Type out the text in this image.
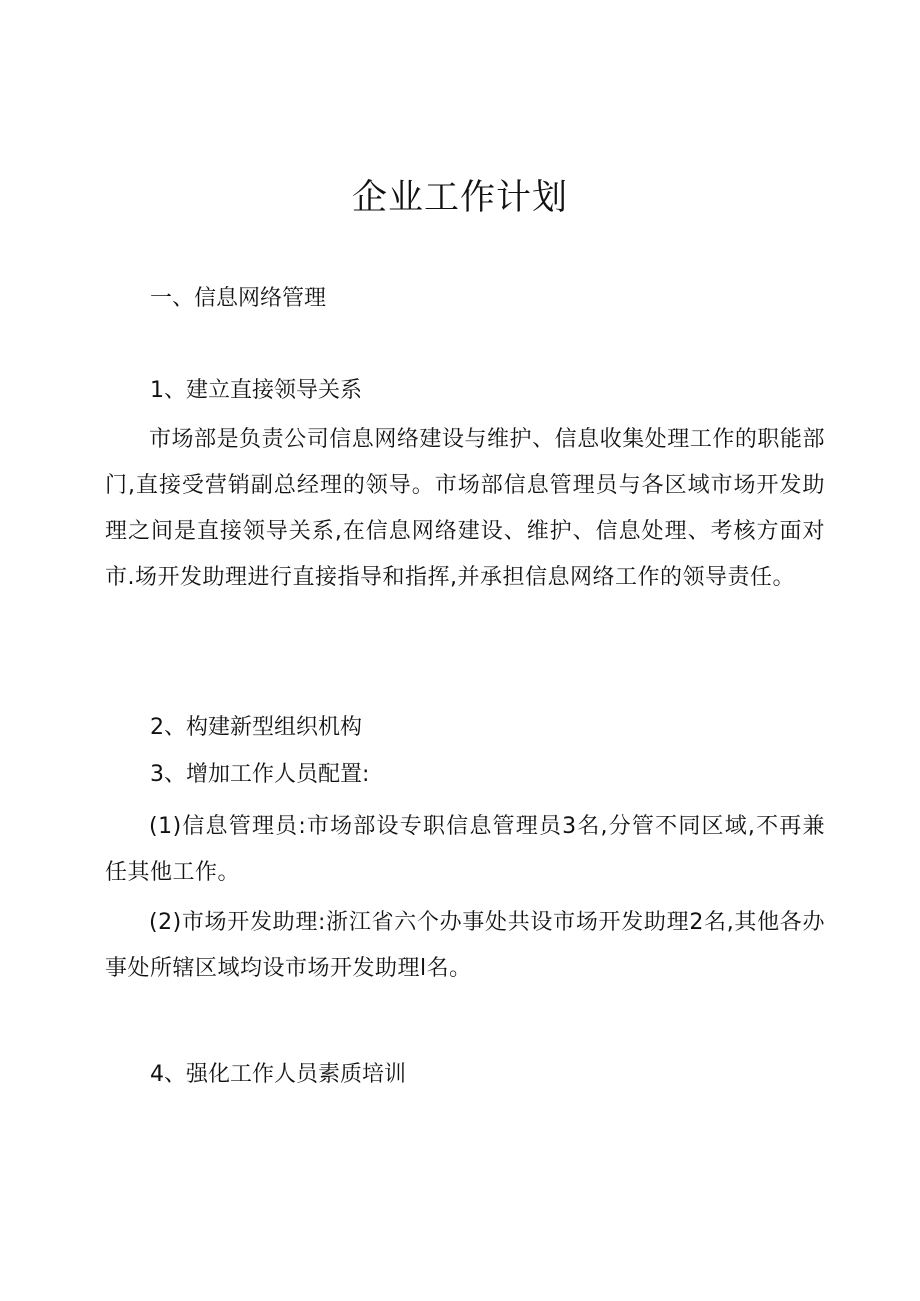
企业工作计划
一、信息网络管理
1、建立直接领导关系
市场部是负责公司信息网络建设与维护、信息收集处理工作的职能部门,直接受营销副总经理的领导。市场部信息管理员与各区域市场开发助理之间是直接领导关系,在信息网络建设、维护、信息处理、考核方面对市.场开发助理进行直接指导和指挥,并承担信息网络工作的领导责任。
2、构建新型组织机构
3、增加工作人员配置:
(1)信息管理员:市场部设专职信息管理员3名,分管不同区域,不再兼任其他工作。
(2)市场开发助理:浙江省六个办事处共设市场开发助理2名,其他各办事处所辖区域均设市场开发助理l名。
4、强化工作人员素质培训
